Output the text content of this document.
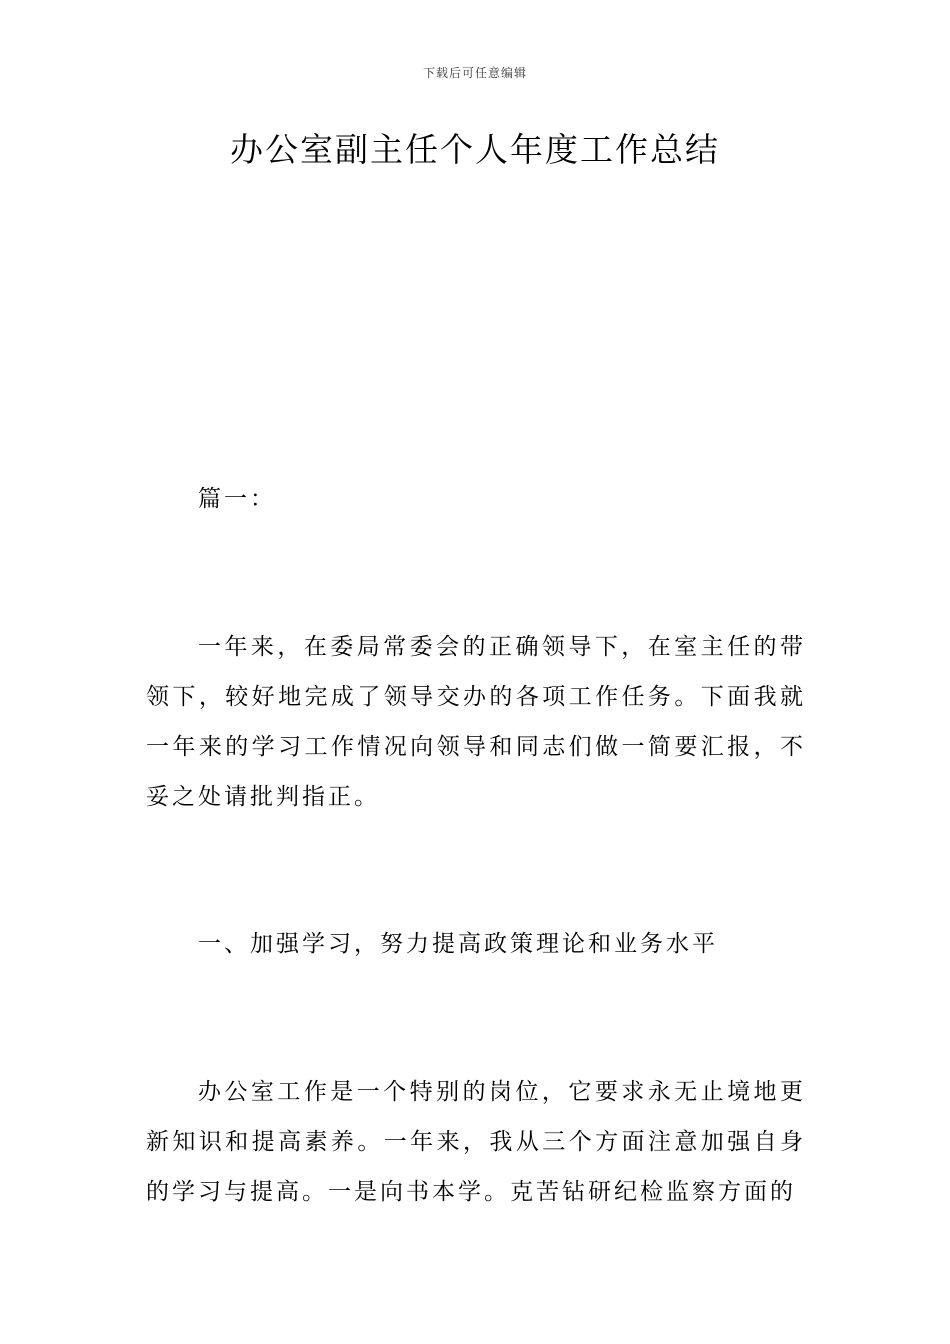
下载后可任意编辑
办公室副主任个人年度工作总结

篇一：

一年来，在委局常委会的正确领导下，在室主任的带领下，较好地完成了领导交办的各项工作任务。下面我就一年来的学习工作情况向领导和同志们做一简要汇报，不妥之处请批判指正。

一、加强学习，努力提高政策理论和业务水平

办公室工作是一个特别的岗位，它要求永无止境地更新知识和提高素养。一年来，我从三个方面注意加强自身的学习与提高。一是向书本学。克苦钻研纪检监察方面的
